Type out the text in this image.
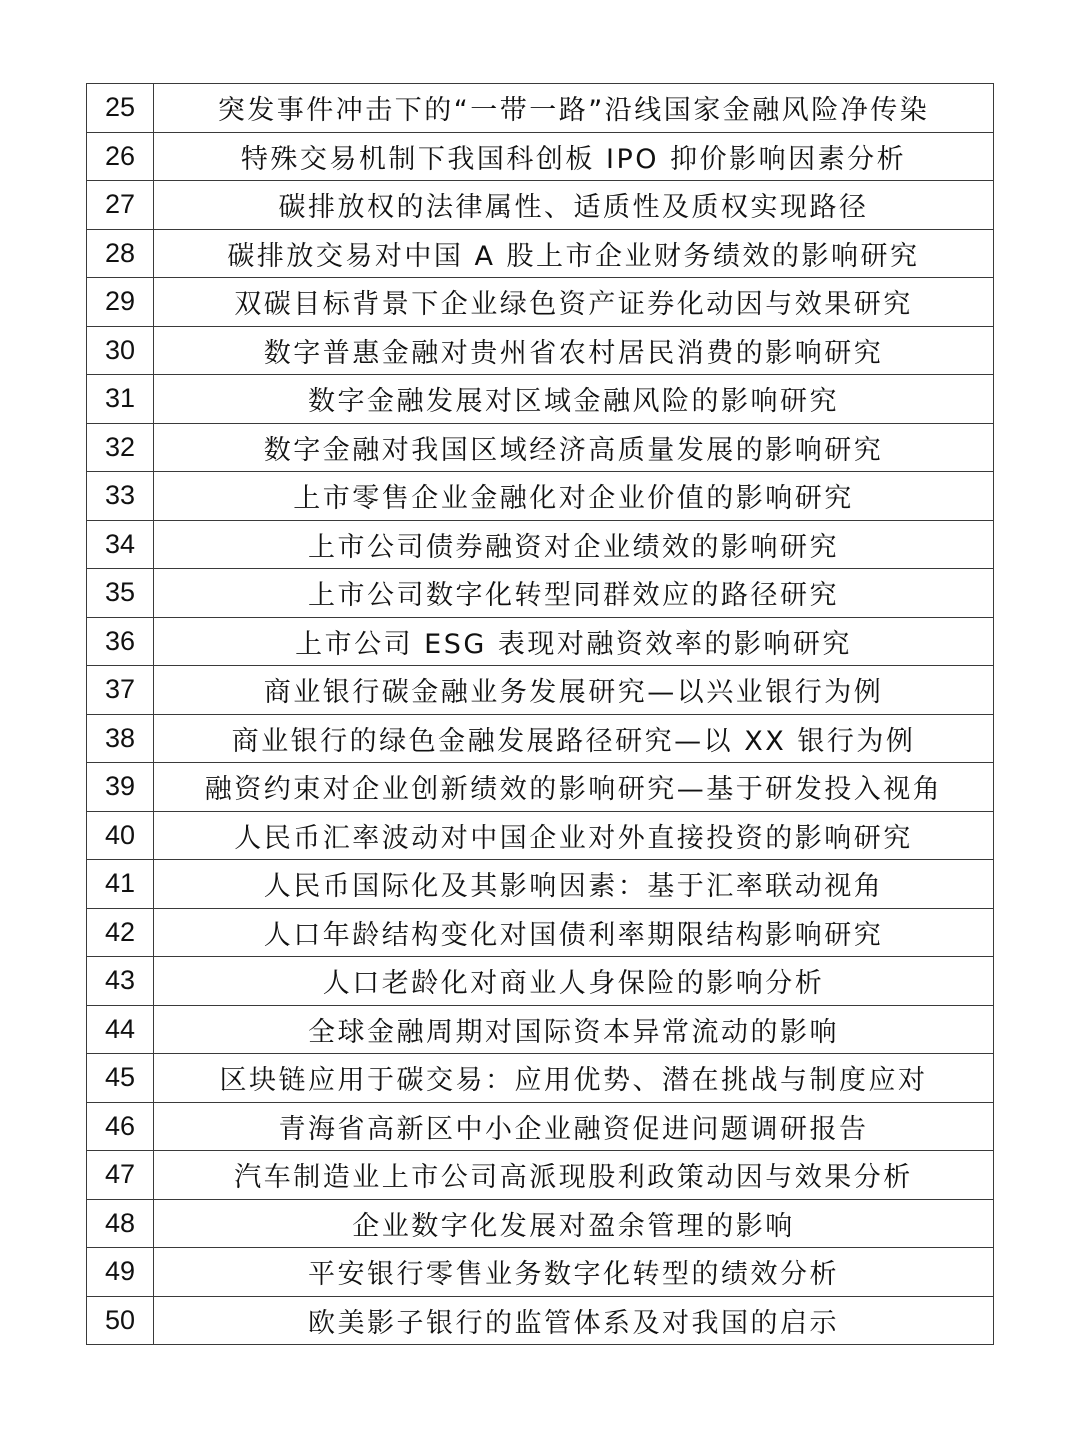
25	突发事件冲击下的“一带一路”沿线国家金融风险净传染
26	特殊交易机制下我国科创板 IPO 抑价影响因素分析
27	碳排放权的法律属性、适质性及质权实现路径
28	碳排放交易对中国 A 股上市企业财务绩效的影响研究
29	双碳目标背景下企业绿色资产证券化动因与效果研究
30	数字普惠金融对贵州省农村居民消费的影响研究
31	数字金融发展对区域金融风险的影响研究
32	数字金融对我国区域经济高质量发展的影响研究
33	上市零售企业金融化对企业价值的影响研究
34	上市公司债券融资对企业绩效的影响研究
35	上市公司数字化转型同群效应的路径研究
36	上市公司 ESG 表现对融资效率的影响研究
37	商业银行碳金融业务发展研究—以兴业银行为例
38	商业银行的绿色金融发展路径研究—以 XX 银行为例
39	融资约束对企业创新绩效的影响研究—基于研发投入视角
40	人民币汇率波动对中国企业对外直接投资的影响研究
41	人民币国际化及其影响因素：基于汇率联动视角
42	人口年龄结构变化对国债利率期限结构影响研究
43	人口老龄化对商业人身保险的影响分析
44	全球金融周期对国际资本异常流动的影响
45	区块链应用于碳交易：应用优势、潜在挑战与制度应对
46	青海省高新区中小企业融资促进问题调研报告
47	汽车制造业上市公司高派现股利政策动因与效果分析
48	企业数字化发展对盈余管理的影响
49	平安银行零售业务数字化转型的绩效分析
50	欧美影子银行的监管体系及对我国的启示
